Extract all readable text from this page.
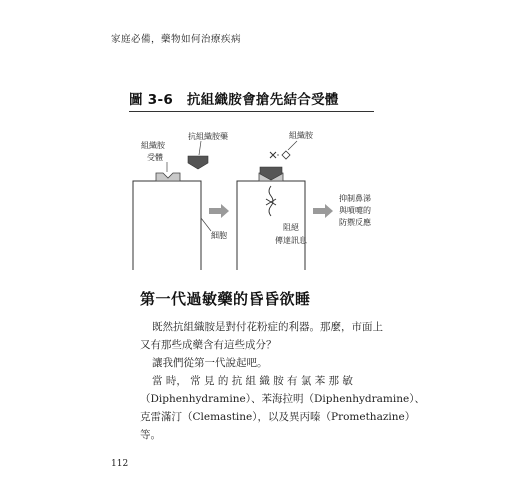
家庭必備，藥物如何治療疾病
圖 3-6　抗組織胺會搶先結合受體
組織胺
受體
抗組織胺藥
細胞
組織胺
阻絕
傳達訊息
抑制鼻涕
與噴嚏的
防禦反應
第一代過敏藥的昏昏欲睡
既然抗組織胺是對付花粉症的利器。那麼，市面上
又有那些成藥含有這些成分？
讓我們從第一代說起吧。
當 時， 常 見 的 抗 組 織 胺 有 氯 苯 那 敏
（Diphenhydramine）、苯海拉明（Diphenhydramine）、
克雷滿汀（Clemastine），以及異丙嗪（Promethazine）
等。
112
